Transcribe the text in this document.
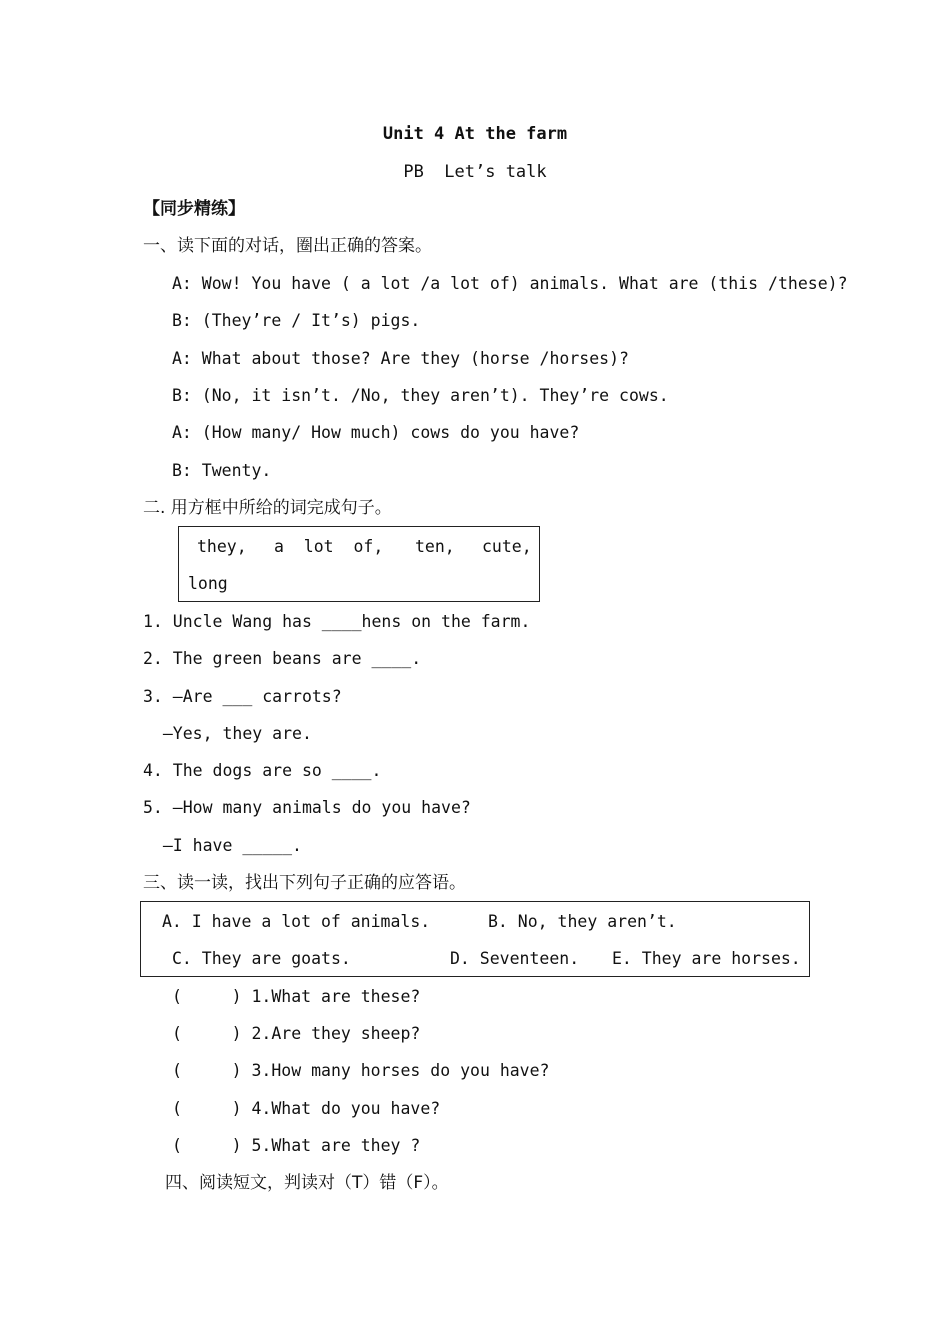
Unit 4 At the farm
PB  Let’s talk
【同步精练】
一、读下面的对话，圈出正确的答案。
A: Wow! You have ( a lot /a lot of) animals. What are (this /these)?
B: (They’re / It’s) pigs.
A: What about those? Are they (horse /horses)?
B: (No, it isn’t. /No, they aren’t). They’re cows.
A: (How many/ How much) cows do you have?
B: Twenty.
二. 用方框中所给的词完成句子。
they, a  lot  of, ten, cute,
long
1. Uncle Wang has ____hens on the farm.
2. The green beans are ____.
3. —Are ___ carrots?
—Yes, they are.
4. The dogs are so ____.
5. —How many animals do you have?
—I have _____.
三、读一读，找出下列句子正确的应答语。
A. I have a lot of animals.	B. No, they aren’t.
C. They are goats.	D. Seventeen. E. They are horses.
(     ) 1.What are these?
(     ) 2.Are they sheep?
(     ) 3.How many horses do you have?
(     ) 4.What do you have?
(     ) 5.What are they ?
四、阅读短文，判读对（T）错（F）。
